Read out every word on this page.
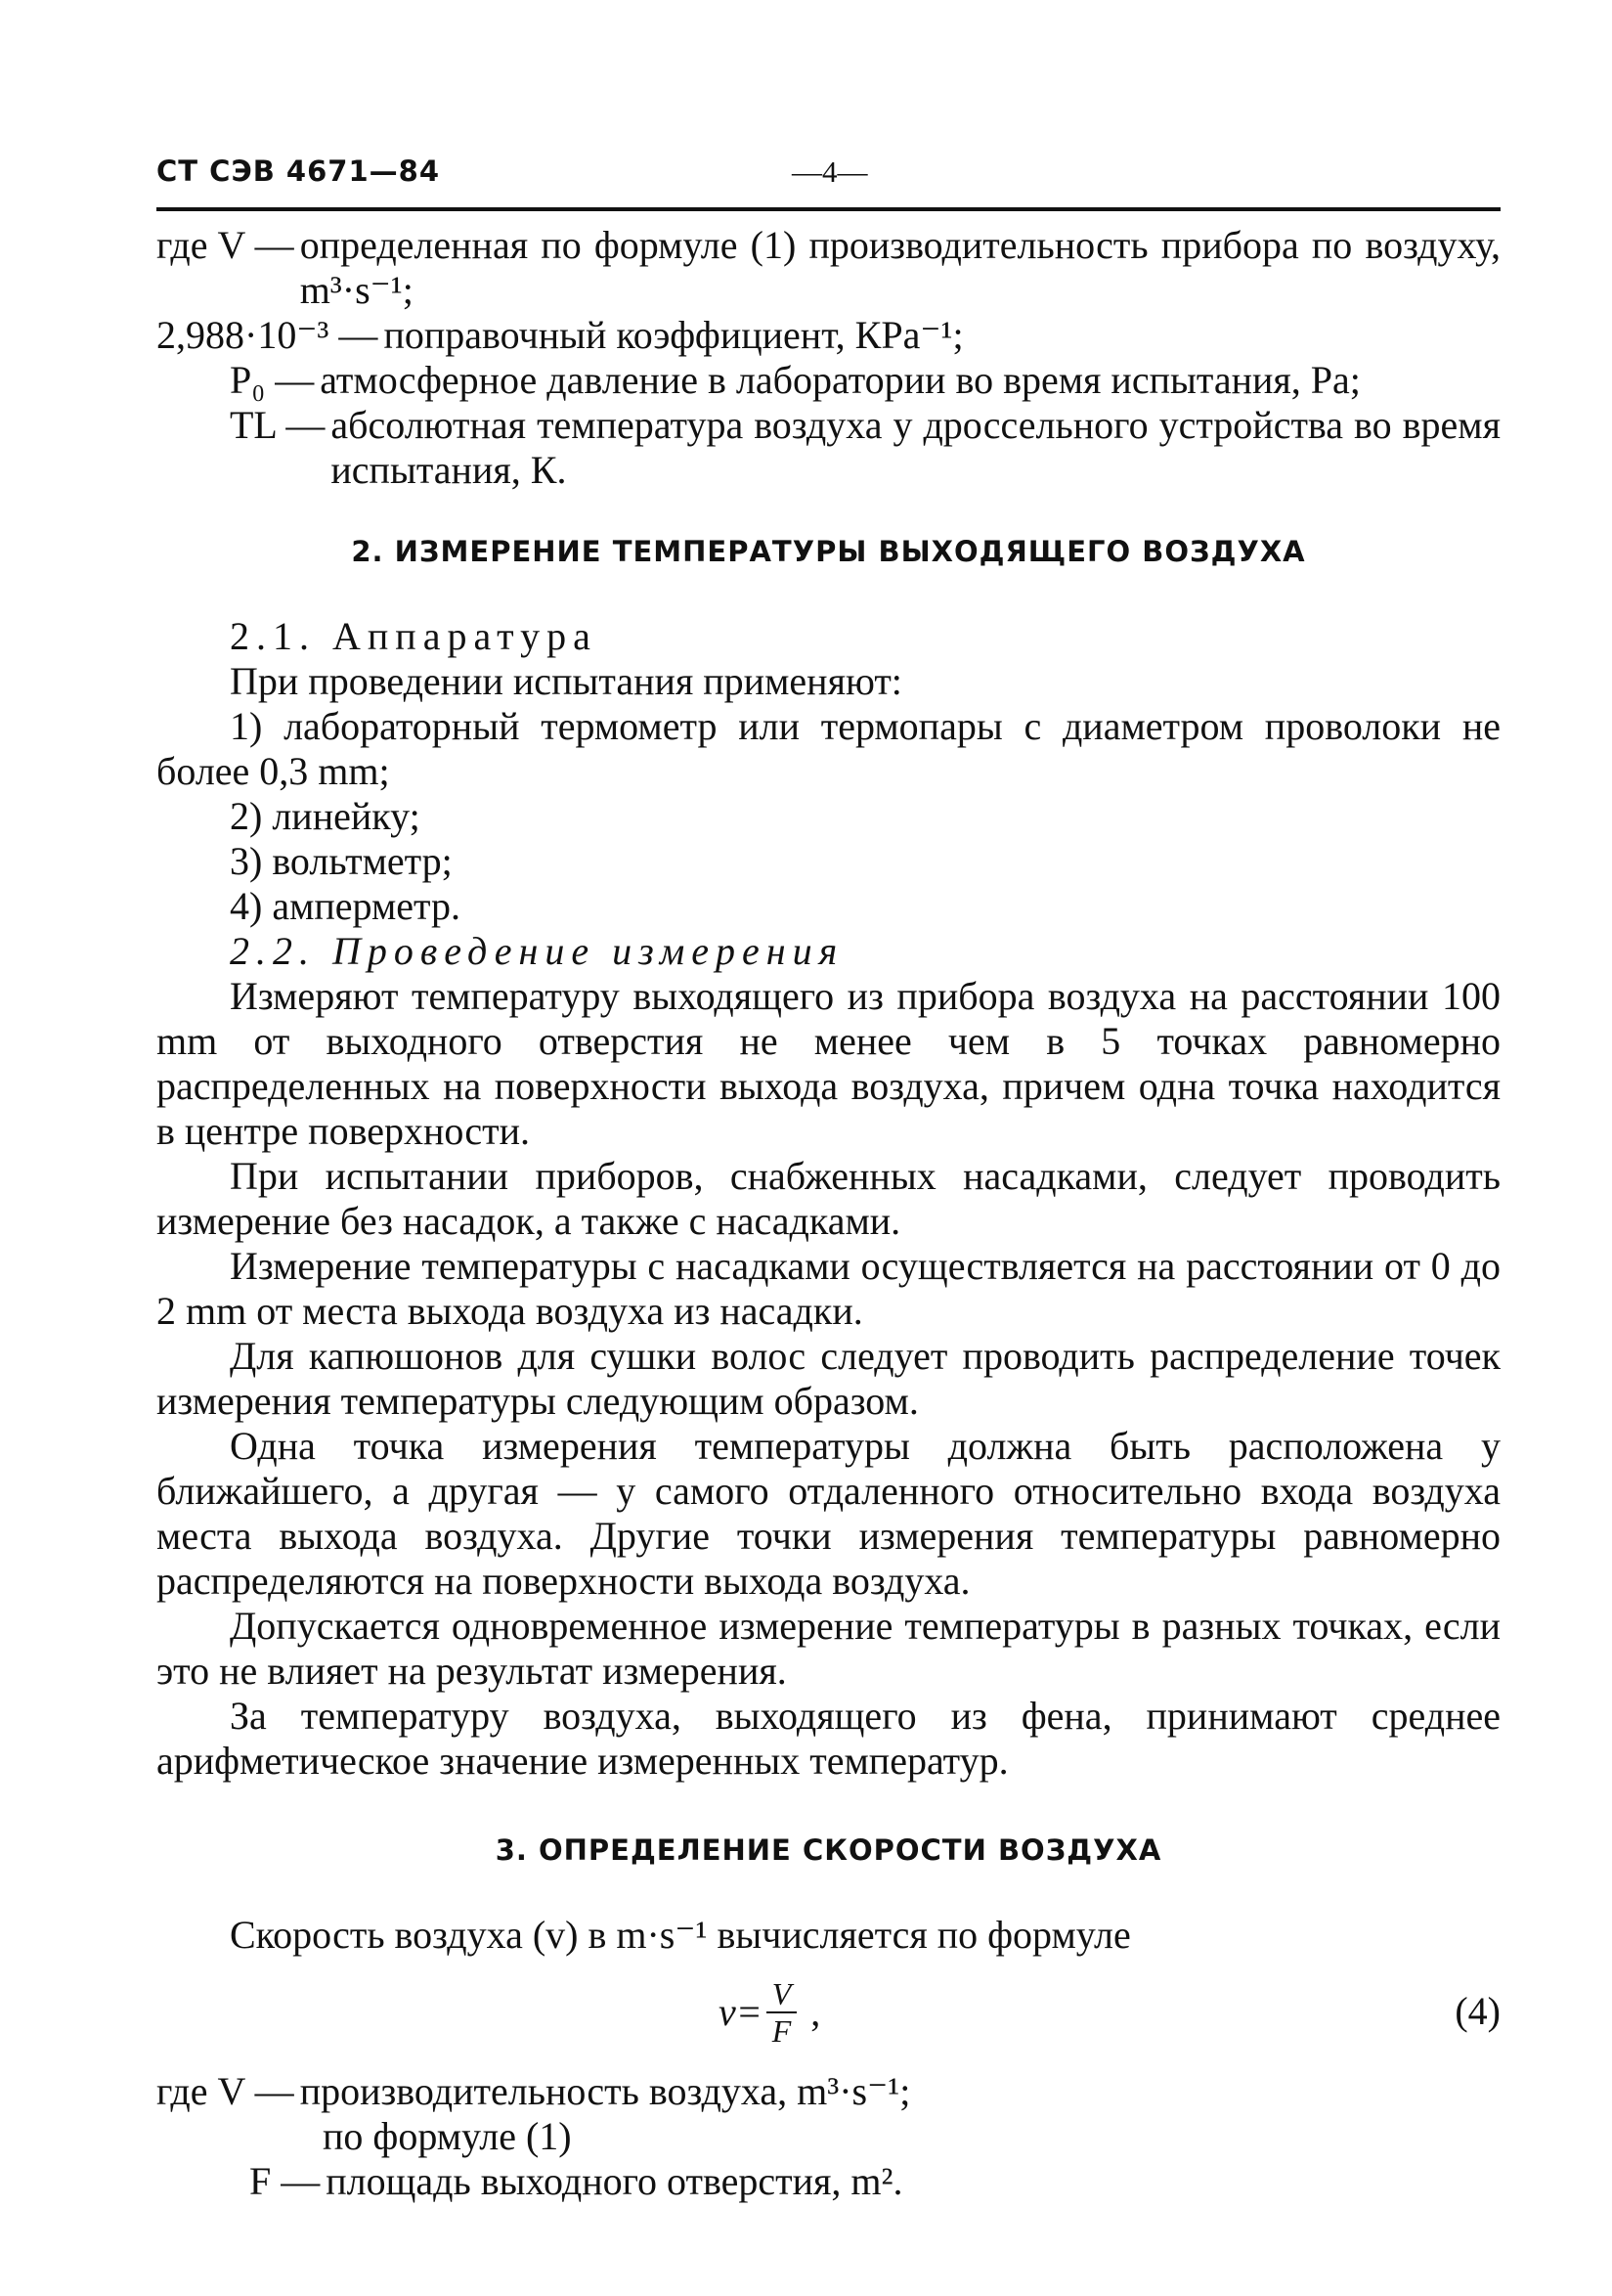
СТ СЭВ 4671—84	—4—
где V — определенная по формуле (1) производительность прибора по воздуху, m³·s⁻¹;
2,988·10⁻³ — поправочный коэффициент, КPa⁻¹;
P₀ — атмосферное давление в лаборатории во время испытания, Pa;
TL — абсолютная температура воздуха у дроссельного устройства во время испытания, К.
2. ИЗМЕРЕНИЕ ТЕМПЕРАТУРЫ ВЫХОДЯЩЕГО ВОЗДУХА

2.1. Аппаратура

При проведении испытания применяют:

1) лабораторный термометр или термопары с диаметром проволоки не более 0,3 mm;

2) линейку;

3) вольтметр;

4) амперметр.

2.2. Проведение измерения

Измеряют температуру выходящего из прибора воздуха на расстоянии 100 mm от выходного отверстия не менее чем в 5 точках равномерно распределенных на поверхности выхода воздуха, причем одна точка находится в центре поверхности.

При испытании приборов, снабженных насадками, следует проводить измерение без насадок, а также с насадками.

Измерение температуры с насадками осуществляется на расстоянии от 0 до 2 mm от места выхода воздуха из насадки.

Для капюшонов для сушки волос следует проводить распределение точек измерения температуры следующим образом.

Одна точка измерения температуры должна быть расположена у ближайшего, а другая — у самого отдаленного относительно входа воздуха места выхода воздуха. Другие точки измерения температуры равномерно распределяются на поверхности выхода воздуха.

Допускается одновременное измерение температуры в разных точках, если это не влияет на результат измерения.

За температуру воздуха, выходящего из фена, принимают среднее арифметическое значение измеренных температур.

3. ОПРЕДЕЛЕНИЕ СКОРОСТИ ВОЗДУХА

Скорость воздуха (v) в m·s⁻¹ вычисляется по формуле

$v= \frac{V}{F}$ ,	(4)
где V — производительность воздуха, m³·s⁻¹;

по формуле (1)

F — площадь выходного отверстия, m².
